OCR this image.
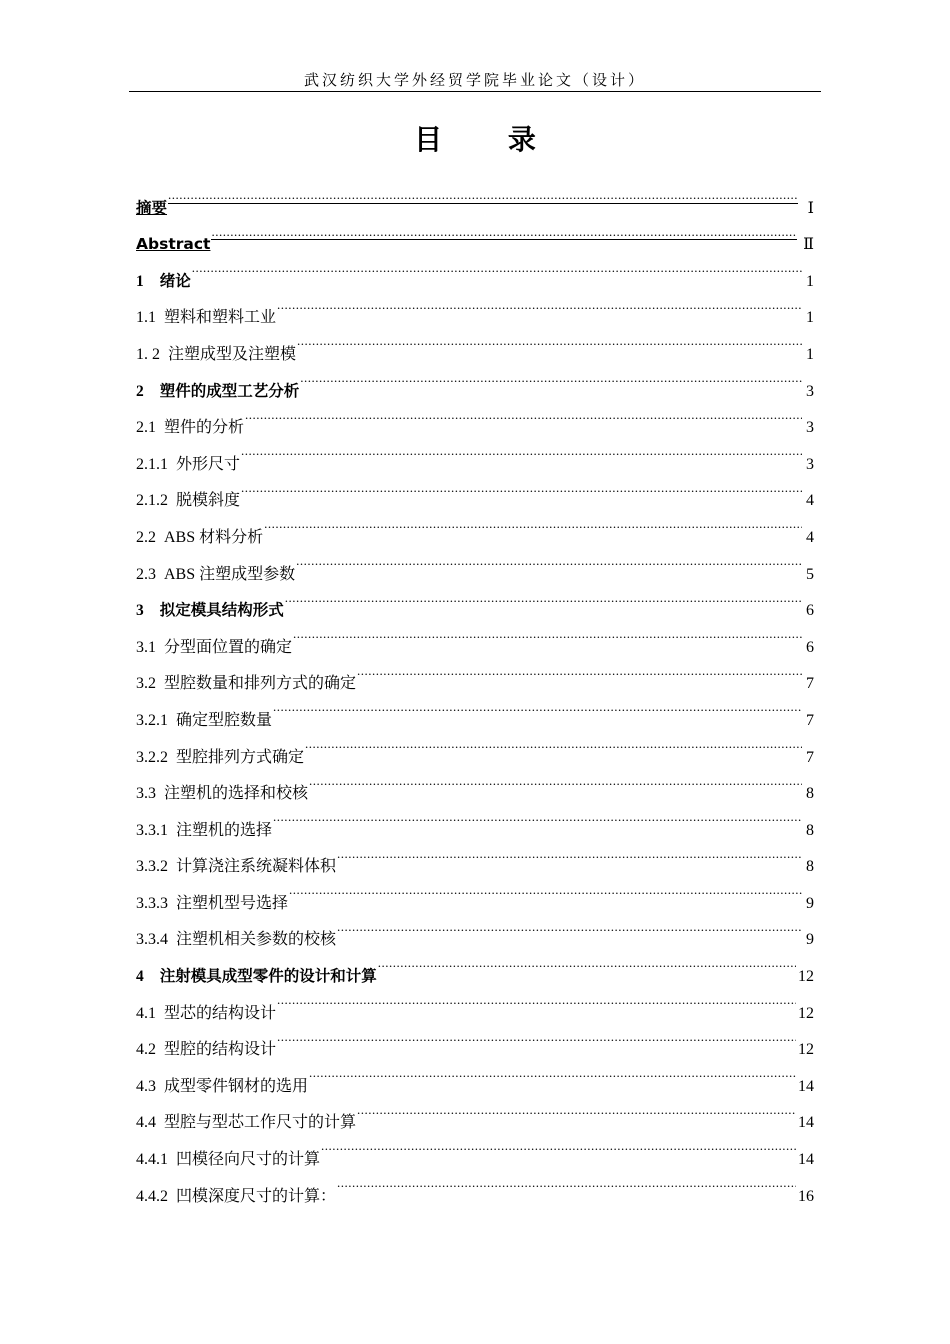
武汉纺织大学外经贸学院毕业论文（设计）
目 录
摘要 .....	Ⅰ
Abstract .....	Ⅱ
1 绪论 .....	1
1.1 塑料和塑料工业 .....	1
1. 2 注塑成型及注塑模 .....	1
2 塑件的成型工艺分析 .....	3
2.1 塑件的分析 .....	3
2.1.1 外形尺寸 .....	3
2.1.2 脱模斜度 .....	4
2.2 ABS 材料分析 .....	4
2.3 ABS 注塑成型参数 .....	5
3 拟定模具结构形式 .....	6
3.1 分型面位置的确定 .....	6
3.2 型腔数量和排列方式的确定 .....	7
3.2.1 确定型腔数量 .....	7
3.2.2 型腔排列方式确定 .....	7
3.3 注塑机的选择和校核 .....	8
3.3.1 注塑机的选择 .....	8
3.3.2 计算浇注系统凝料体积 .....	8
3.3.3 注塑机型号选择 .....	9
3.3.4 注塑机相关参数的校核 .....	9
4 注射模具成型零件的设计和计算 .....	12
4.1 型芯的结构设计 .....	12
4.2 型腔的结构设计 .....	12
4.3 成型零件钢材的选用 .....	14
4.4 型腔与型芯工作尺寸的计算 .....	14
4.4.1 凹模径向尺寸的计算 .....	14
4.4.2 凹模深度尺寸的计算： .....	16
